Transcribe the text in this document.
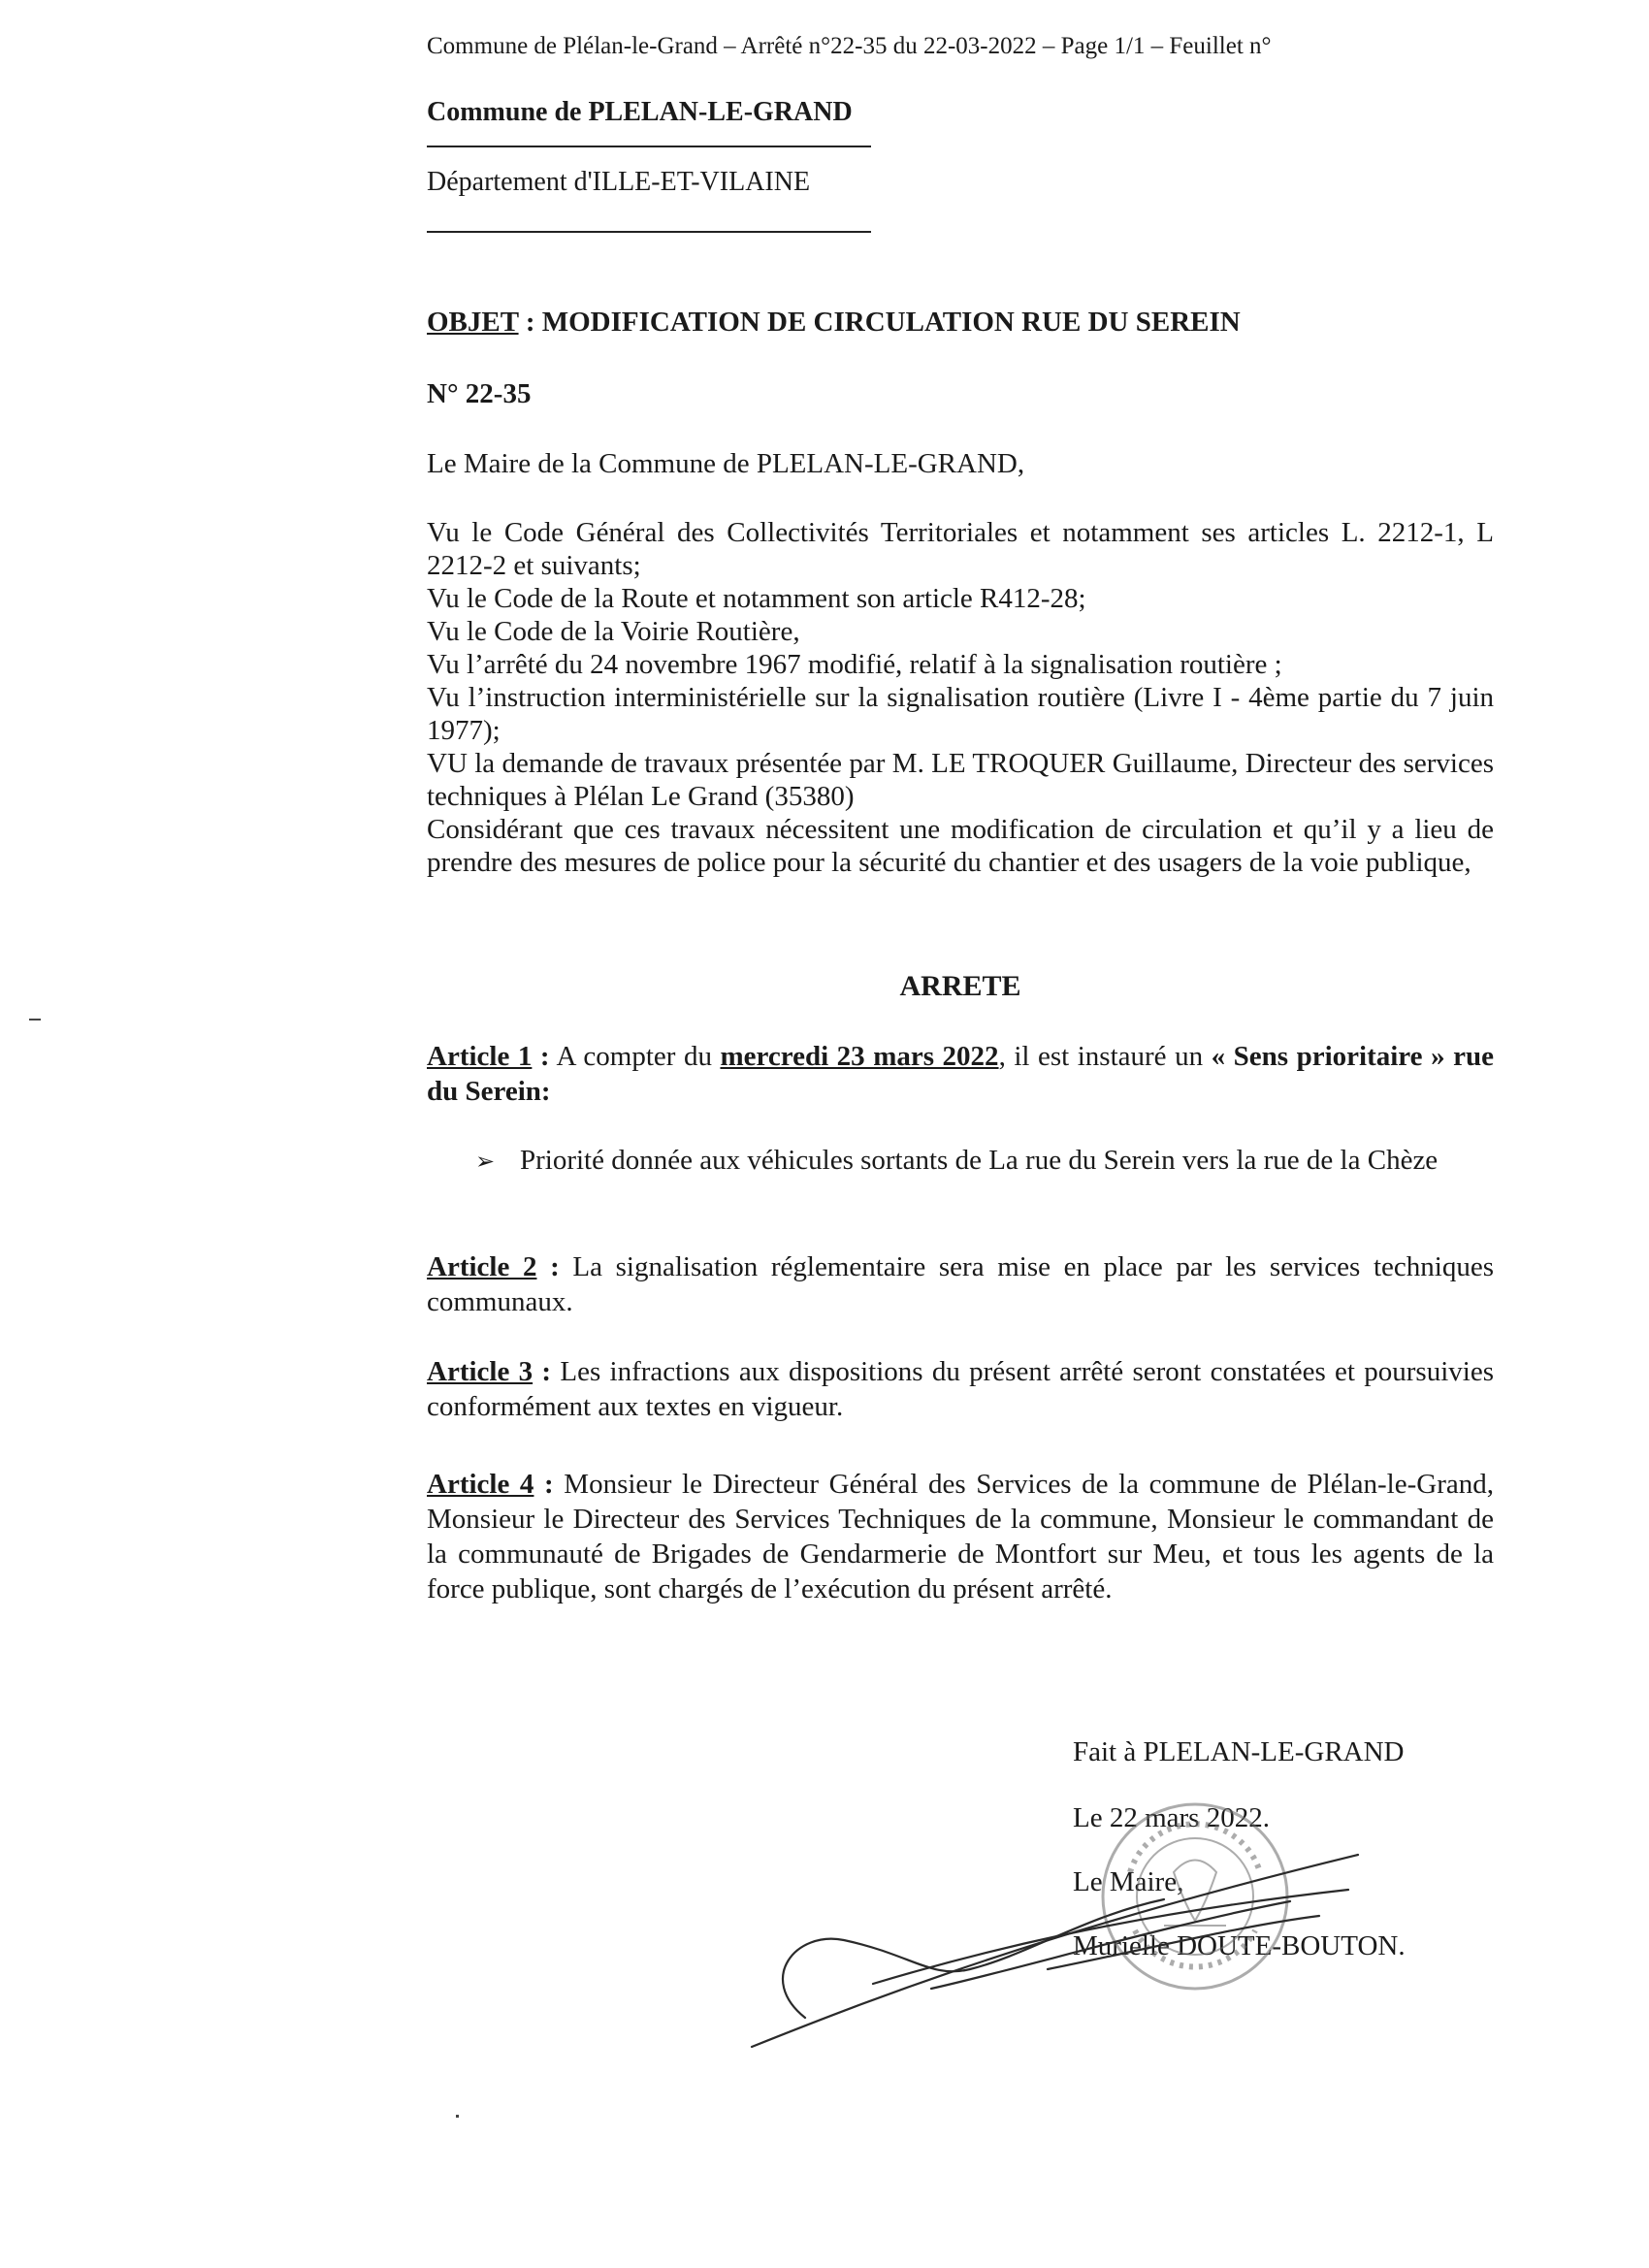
Commune de Plélan-le-Grand – Arrêté n°22-35 du 22-03-2022 – Page 1/1 – Feuillet n°
Commune de PLELAN-LE-GRAND
Département d'ILLE-ET-VILAINE
OBJET : MODIFICATION DE CIRCULATION RUE DU SEREIN
N° 22-35
Le Maire de la Commune de PLELAN-LE-GRAND,

Vu le Code Général des Collectivités Territoriales et notamment ses articles L. 2212-1, L 2212-2 et suivants;

Vu le Code de la Route et notamment son article R412-28;

Vu le Code de la Voirie Routière,

Vu l’arrêté du 24 novembre 1967 modifié, relatif à la signalisation routière ;

Vu l’instruction interministérielle sur la signalisation routière (Livre I - 4ème partie du 7 juin 1977);

VU la demande de travaux présentée par M. LE TROQUER Guillaume, Directeur des services techniques à Plélan Le Grand (35380)

Considérant que ces travaux nécessitent une modification de circulation et qu’il y a lieu de prendre des mesures de police pour la sécurité du chantier et des usagers de la voie publique,

ARRETE
Article 1 : A compter du mercredi 23 mars 2022, il est instauré un « Sens prioritaire » rue du Serein:
➢ Priorité donnée aux véhicules sortants de La rue du Serein vers la rue de la Chèze
Article 2 : La signalisation réglementaire sera mise en place par les services techniques communaux.
Article 3 : Les infractions aux dispositions du présent arrêté seront constatées et poursuivies conformément aux textes en vigueur.
Article 4 : Monsieur le Directeur Général des Services de la commune de Plélan-le-Grand, Monsieur le Directeur des Services Techniques de la commune, Monsieur le commandant de la communauté de Brigades de Gendarmerie de Montfort sur Meu, et tous les agents de la force publique, sont chargés de l’exécution du présent arrêté.
Fait à PLELAN-LE-GRAND
Le 22 mars 2022.
Le Maire,
Murielle DOUTE-BOUTON.
